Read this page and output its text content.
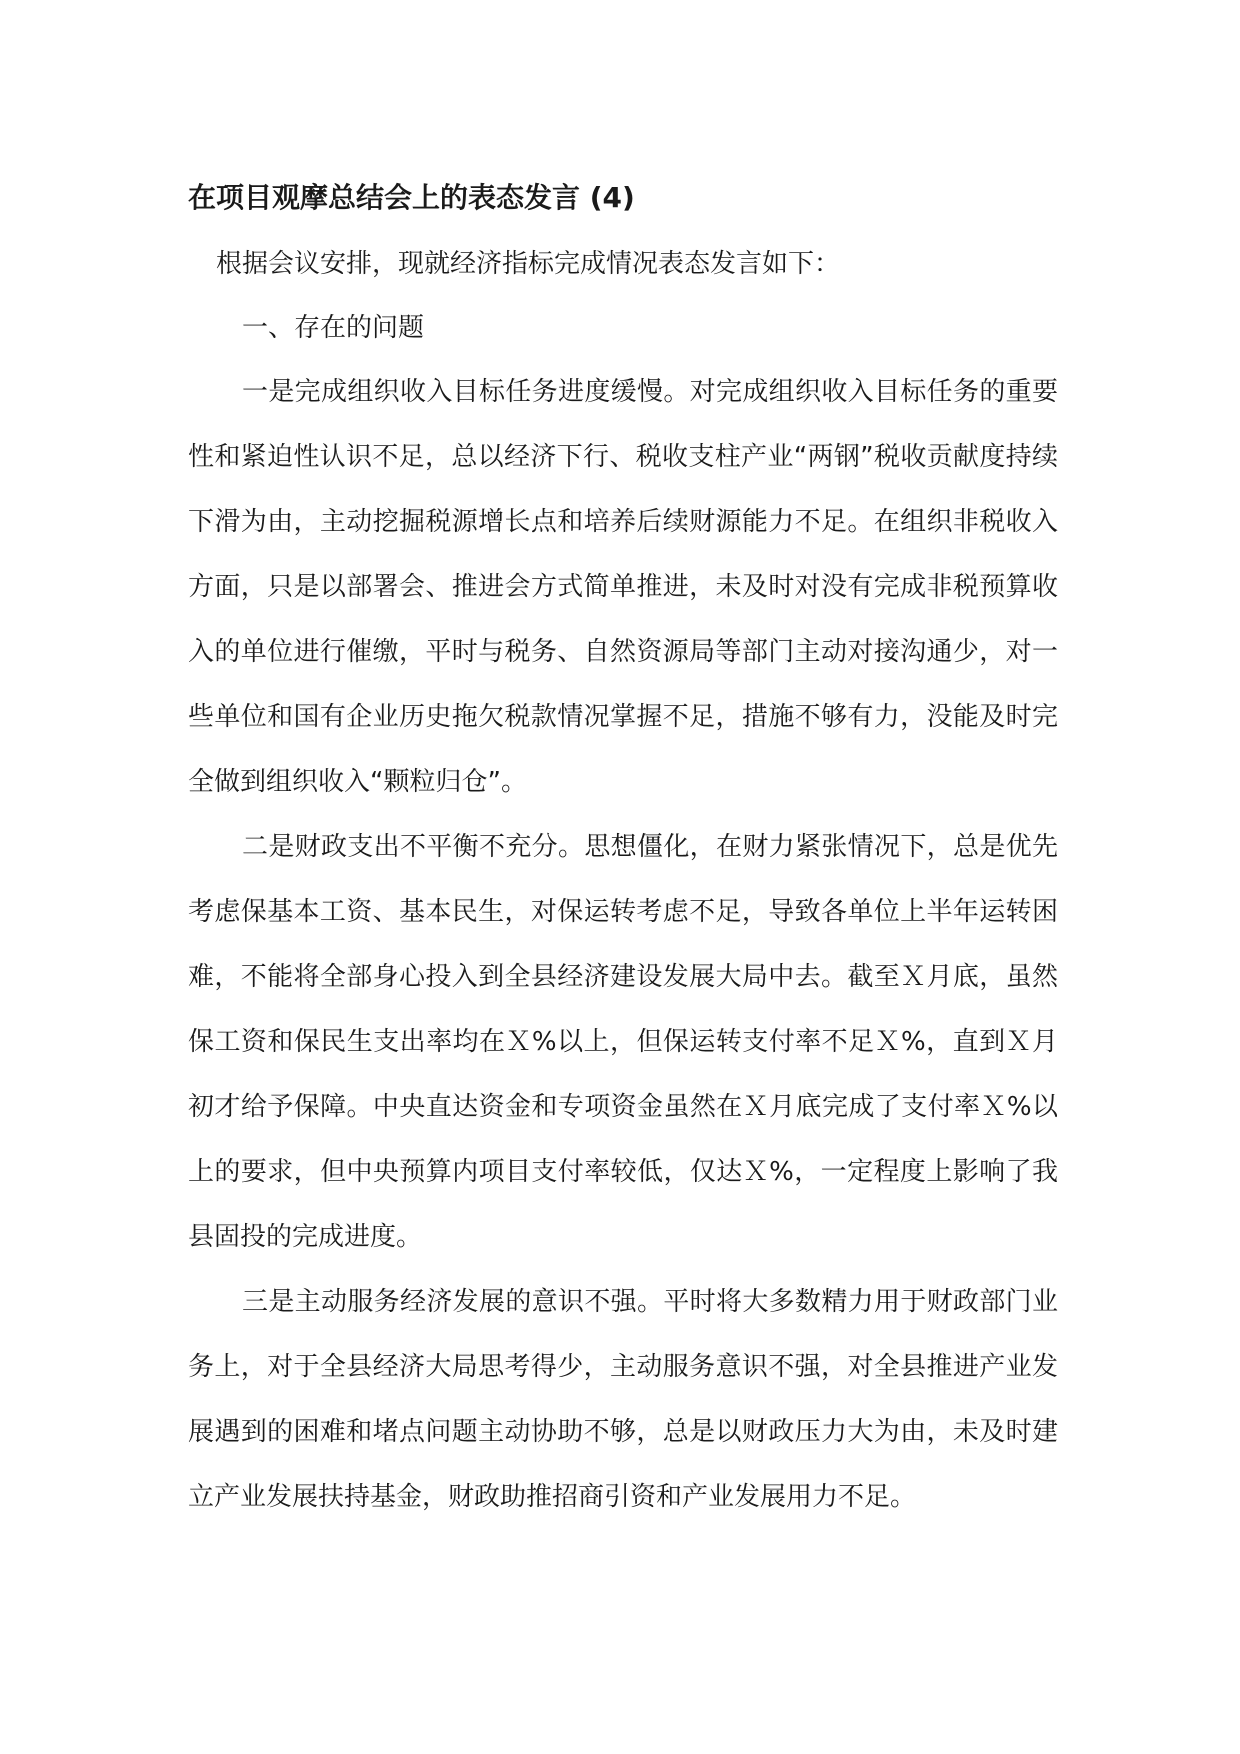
在项目观摩总结会上的表态发言 (4)

根据会议安排，现就经济指标完成情况表态发言如下：

一、存在的问题

一是完成组织收入目标任务进度缓慢。对完成组织收入目标任务的重要性和紧迫性认识不足，总以经济下行、税收支柱产业“两钢”税收贡献度持续下滑为由，主动挖掘税源增长点和培养后续财源能力不足。在组织非税收入方面，只是以部署会、推进会方式简单推进，未及时对没有完成非税预算收入的单位进行催缴，平时与税务、自然资源局等部门主动对接沟通少，对一些单位和国有企业历史拖欠税款情况掌握不足，措施不够有力，没能及时完全做到组织收入“颗粒归仓”。

二是财政支出不平衡不充分。思想僵化，在财力紧张情况下，总是优先考虑保基本工资、基本民生，对保运转考虑不足，导致各单位上半年运转困难，不能将全部身心投入到全县经济建设发展大局中去。截至Ｘ月底，虽然保工资和保民生支出率均在Ｘ%以上，但保运转支付率不足Ｘ%，直到Ｘ月初才给予保障。中央直达资金和专项资金虽然在Ｘ月底完成了支付率Ｘ%以上的要求，但中央预算内项目支付率较低，仅达Ｘ%，一定程度上影响了我县固投的完成进度。

三是主动服务经济发展的意识不强。平时将大多数精力用于财政部门业务上，对于全县经济大局思考得少，主动服务意识不强，对全县推进产业发展遇到的困难和堵点问题主动协助不够，总是以财政压力大为由，未及时建立产业发展扶持基金，财政助推招商引资和产业发展用力不足。
